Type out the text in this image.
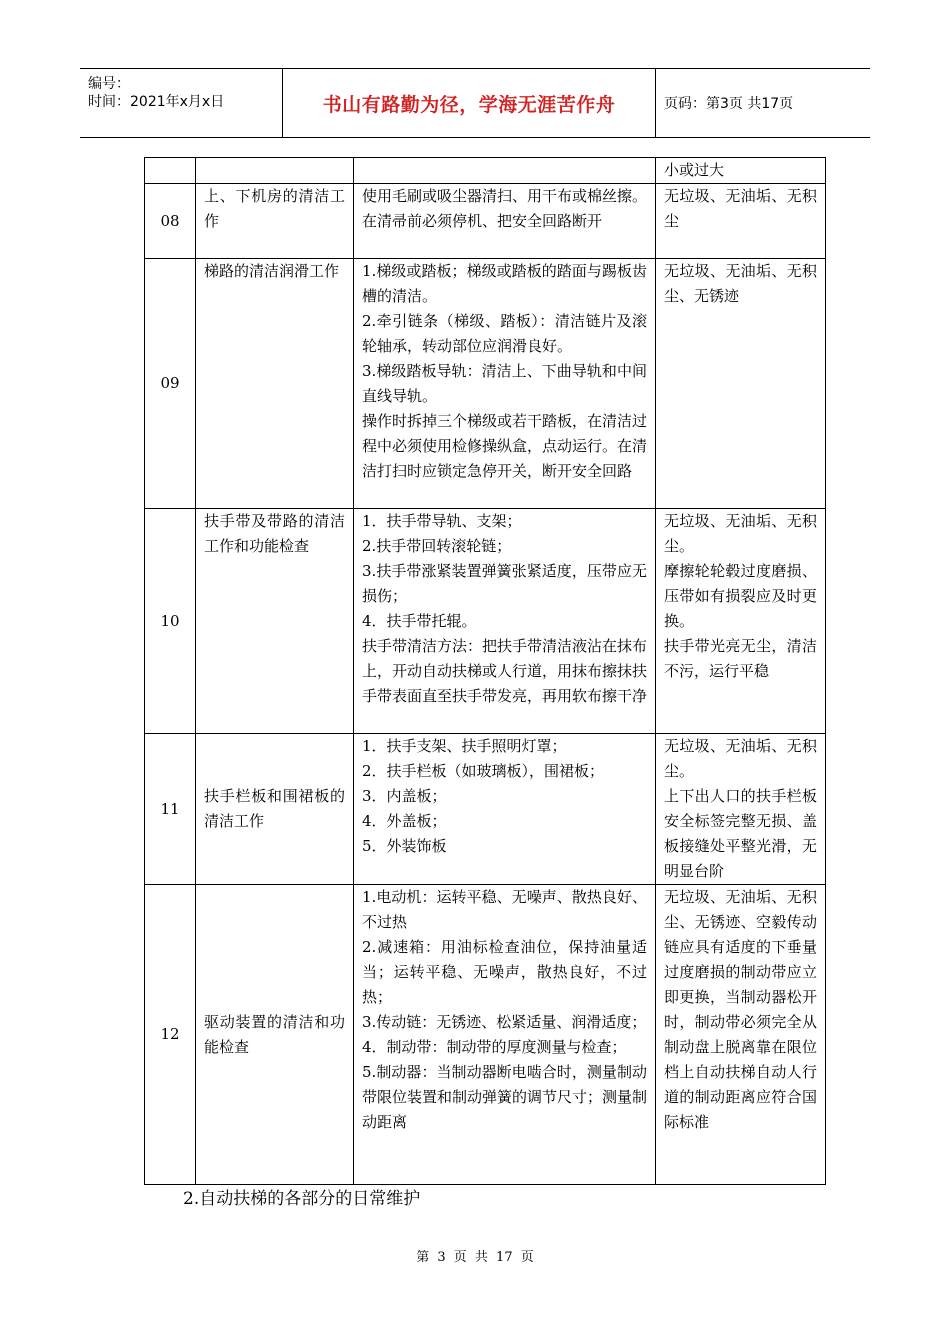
编号：
时间：2021年x月x日	书山有路勤为径，学海无涯苦作舟	页码：第3页 共17页

			小或过大

08	上、下机房的清洁工作	使用毛刷或吸尘器清扫、用干布或棉丝擦。在清帚前必须停机、把安全回路断开	无垃圾、无油垢、无积尘

09	梯路的清洁润滑工作	1.梯级或踏板；梯级或踏板的踏面与踢板齿槽的清洁。
2.牵引链条（梯级、踏板）：清洁链片及滚轮轴承，转动部位应润滑良好。
3.梯级踏板导轨：清洁上、下曲导轨和中间直线导轨。
操作时拆掉三个梯级或若干踏板，在清洁过程中必须使用检修操纵盒，点动运行。在清洁打扫时应锁定急停开关，断开安全回路	无垃圾、无油垢、无积尘、无锈迹

10	扶手带及带路的清洁工作和功能检查	1．扶手带导轨、支架；
2.扶手带回转滚轮链；
3.扶手带涨紧装置弹簧张紧适度，压带应无损伤；
4．扶手带托辊。
扶手带清洁方法：把扶手带清洁液沾在抹布上，开动自动扶梯或人行道，用抹布擦抹扶手带表面直至扶手带发亮，再用软布擦干净	无垃圾、无油垢、无积尘。
摩擦轮轮毂过度磨损、压带如有损裂应及时更换。
扶手带光亮无尘，清洁不污，运行平稳

11	扶手栏板和围裙板的清洁工作	1．扶手支架、扶手照明灯罩；
2．扶手栏板（如玻璃板），围裙板；
3．内盖板；
4．外盖板；
5．外装饰板	无垃圾、无油垢、无积尘。
上下出人口的扶手栏板安全标签完整无损、盖板接缝处平整光滑，无明显台阶

12	驱动装置的清洁和功能检查	1.电动机：运转平稳、无噪声、散热良好、不过热
2.减速箱：用油标检查油位，保持油量适当；运转平稳、无噪声，散热良好，不过热；
3.传动链：无锈迹、松紧适量、润滑适度；
4．制动带：制动带的厚度测量与检查；
5.制动器：当制动器断电啮合时，测量制动带限位装置和制动弹簧的调节尺寸；测量制动距离	无垃圾、无油垢、无积尘、无锈迹、空毅传动链应具有适度的下垂量过度磨损的制动带应立即更换，当制动器松开时，制动带必须完全从制动盘上脱离靠在限位档上自动扶梯自动人行道的制动距离应符合国际标准
2.自动扶梯的各部分的日常维护
第 3 页 共 17 页
